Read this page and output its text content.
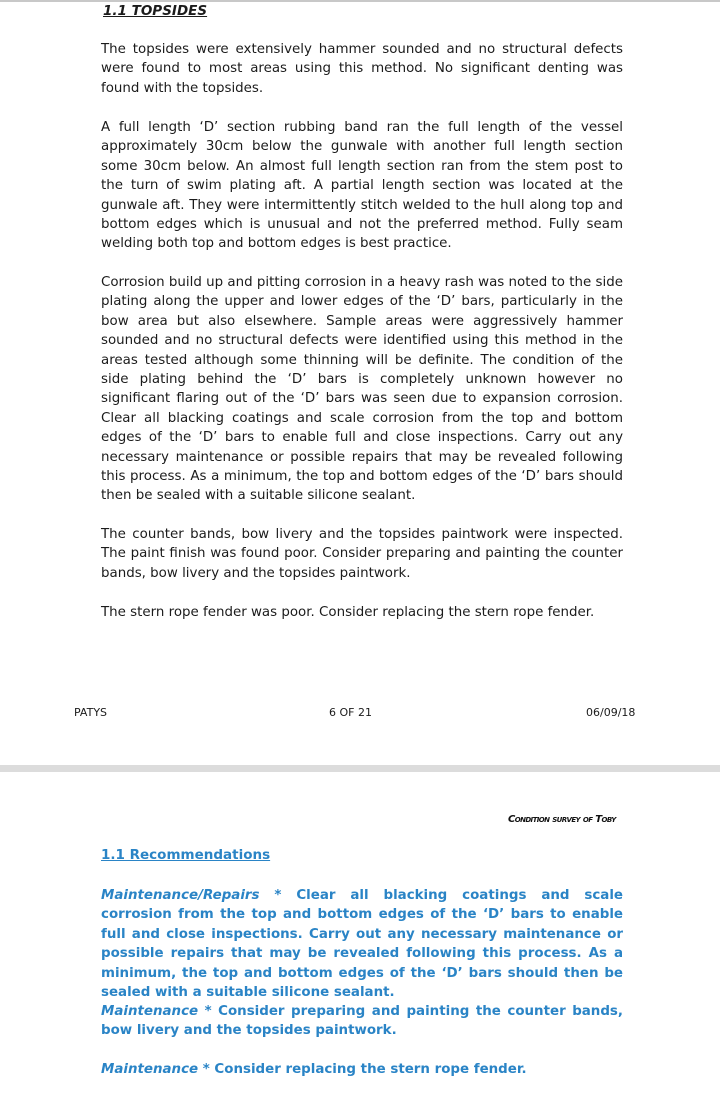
1.1 TOPSIDES

The topsides were extensively hammer sounded and no structural defects were found to most areas using this method. No significant denting was found with the topsides.

A full length ‘D’ section rubbing band ran the full length of the vessel approximately 30cm below the gunwale with another full length section some 30cm below. An almost full length section ran from the stem post to the turn of swim plating aft. A partial length section was located at the gunwale aft. They were intermittently stitch welded to the hull along top and bottom edges which is unusual and not the preferred method. Fully seam welding both top and bottom edges is best practice.

Corrosion build up and pitting corrosion in a heavy rash was noted to the side plating along the upper and lower edges of the ‘D’ bars, particularly in the bow area but also elsewhere. Sample areas were aggressively hammer sounded and no structural defects were identified using this method in the areas tested although some thinning will be definite. The condition of the side plating behind the ‘D’ bars is completely unknown however no significant flaring out of the ‘D’ bars was seen due to expansion corrosion. Clear all blacking coatings and scale corrosion from the top and bottom edges of the ‘D’ bars to enable full and close inspections. Carry out any necessary maintenance or possible repairs that may be revealed following this process. As a minimum, the top and bottom edges of the ‘D’ bars should then be sealed with a suitable silicone sealant.

The counter bands, bow livery and the topsides paintwork were inspected. The paint finish was found poor. Consider preparing and painting the counter bands, bow livery and the topsides paintwork.

The stern rope fender was poor. Consider replacing the stern rope fender.

PATYS	6 OF 21	06/09/18
Condition survey of Toby
1.1 Recommendations

Maintenance/Repairs * Clear all blacking coatings and scale corrosion from the top and bottom edges of the ‘D’ bars to enable full and close inspections. Carry out any necessary maintenance or possible repairs that may be revealed following this process. As a minimum, the top and bottom edges of the ‘D’ bars should then be sealed with a suitable silicone sealant.

Maintenance * Consider preparing and painting the counter bands, bow livery and the topsides paintwork.

Maintenance * Consider replacing the stern rope fender.
